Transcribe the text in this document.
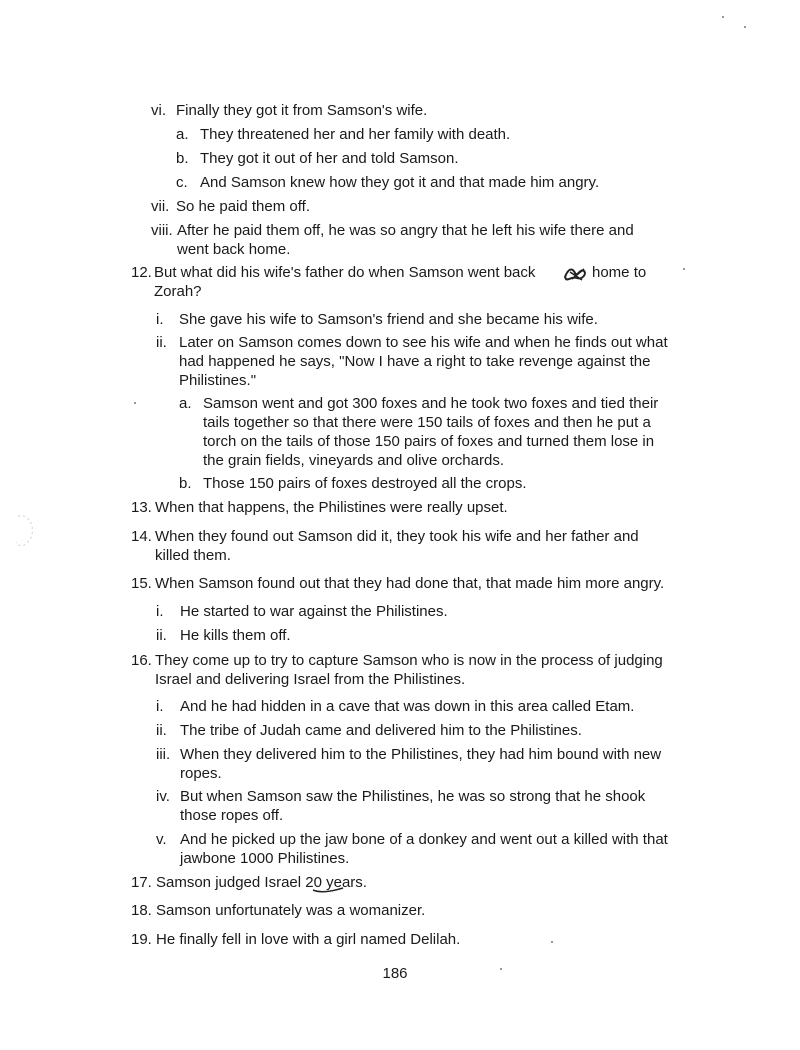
vi. Finally they got it from Samson's wife.
a. They threatened her and her family with death.
b. They got it out of her and told Samson.
c. And Samson knew how they got it and that made him angry.
vii. So he paid them off.
viii. After he paid them off, he was so angry that he left his wife there and
went back home.
12. But what did his wife's father do when Samson went back	home to
Zorah?
i. She gave his wife to Samson's friend and she became his wife.
ii. Later on Samson comes down to see his wife and when he finds out what
had happened he says, "Now I have a right to take revenge against the
Philistines."
a. Samson went and got 300 foxes and he took two foxes and tied their
tails together so that there were 150 tails of foxes and then he put a
torch on the tails of those 150 pairs of foxes and turned them lose in
the grain fields, vineyards and olive orchards.
b. Those 150 pairs of foxes destroyed all the crops.
13. When that happens, the Philistines were really upset.
14. When they found out Samson did it, they took his wife and her father and
killed them.
15. When Samson found out that they had done that, that made him more angry.
i. He started to war against the Philistines.
ii. He kills them off.
16. They come up to try to capture Samson who is now in the process of judging
Israel and delivering Israel from the Philistines.
i. And he had hidden in a cave that was down in this area called Etam.
ii. The tribe of Judah came and delivered him to the Philistines.
iii. When they delivered him to the Philistines, they had him bound with new
ropes.
iv. But when Samson saw the Philistines, he was so strong that he shook
those ropes off.
v. And he picked up the jaw bone of a donkey and went out a killed with that
jawbone 1000 Philistines.
17. Samson judged Israel 20 years.
18. Samson unfortunately was a womanizer.
19. He finally fell in love with a girl named Delilah.
186
